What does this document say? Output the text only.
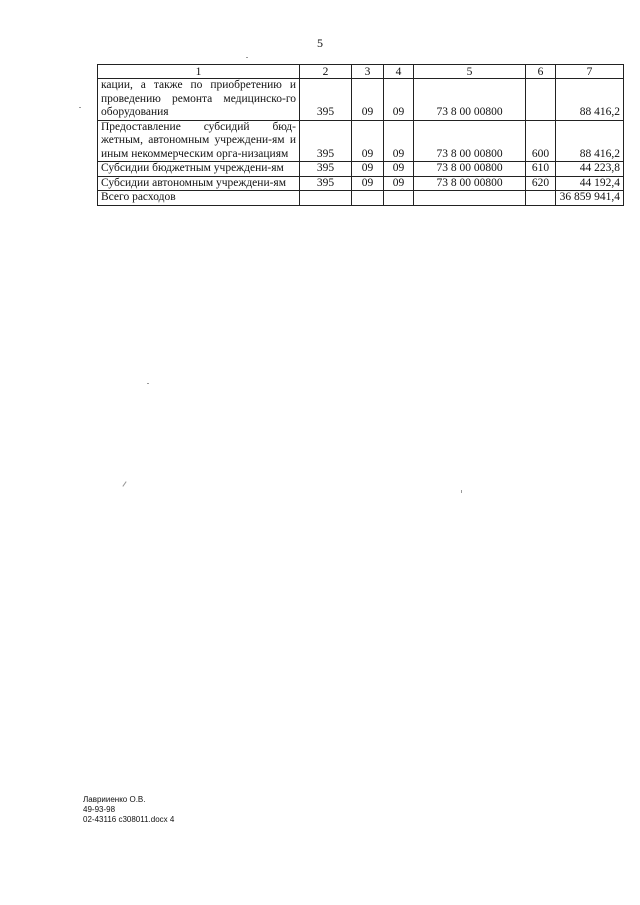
5
1	2	3	4	5	6	7
кации, а также по приобретению и проведению ремонта медицинско-го оборудования	395	09	09	73 8 00 00800		88 416,2
Предоставление субсидий бюд-жетным, автономным учреждени-ям и иным некоммерческим орга-низациям	395	09	09	73 8 00 00800	600	88 416,2
Субсидии бюджетным учреждени-ям	395	09	09	73 8 00 00800	610	44 223,8
Субсидии автономным учреждени-ям	395	09	09	73 8 00 00800	620	44 192,4
Всего расходов						36 859 941,4
Лаврииенко О.В.
49-93-98
02-43116 c308011.docx 4
